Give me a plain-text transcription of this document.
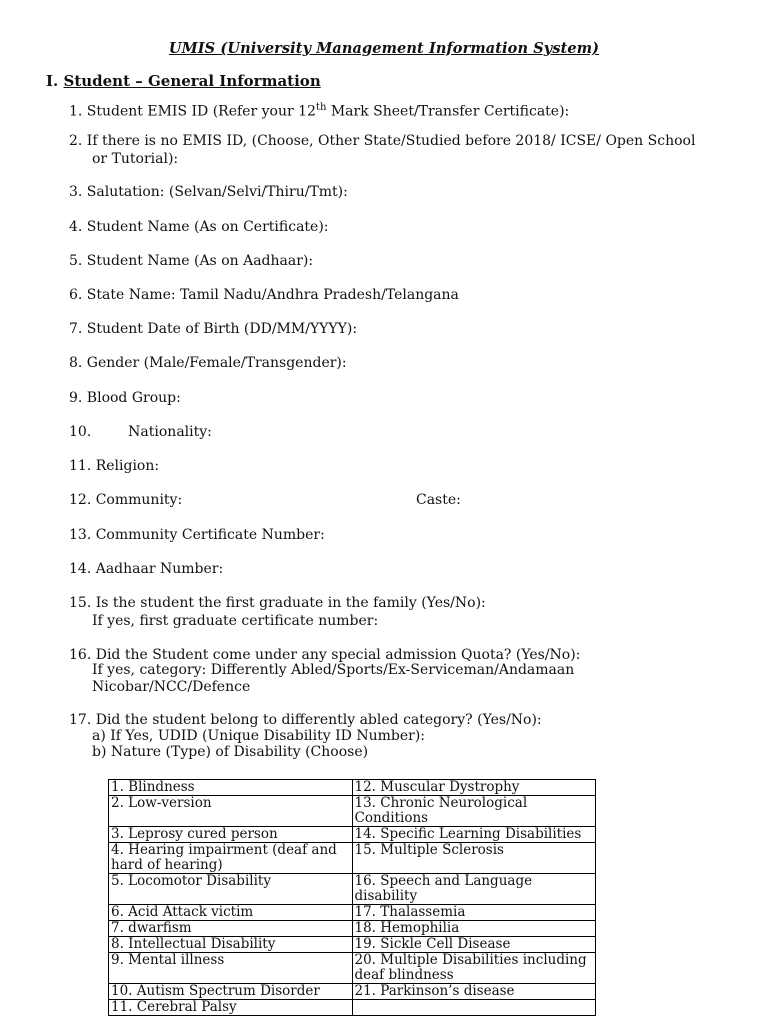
UMIS (University Management Information System)
I. Student – General Information
1. Student EMIS ID (Refer your 12th Mark Sheet/Transfer Certificate):
2. If there is no EMIS ID, (Choose, Other State/Studied before 2018/ ICSE/ Open School
or Tutorial):
3. Salutation: (Selvan/Selvi/Thiru/Tmt):
4. Student Name (As on Certificate):
5. Student Name (As on Aadhaar):
6. State Name: Tamil Nadu/Andhra Pradesh/Telangana
7. Student Date of Birth (DD/MM/YYYY):
8. Gender (Male/Female/Transgender):
9. Blood Group:
10.	Nationality:
11. Religion:
12. Community:	Caste:
13. Community Certificate Number:
14. Aadhaar Number:
15. Is the student the first graduate in the family (Yes/No):
If yes, first graduate certificate number:
16. Did the Student come under any special admission Quota? (Yes/No):
If yes, category: Differently Abled/Sports/Ex-Serviceman/Andamaan
Nicobar/NCC/Defence
17. Did the student belong to differently abled category? (Yes/No):
a) If Yes, UDID (Unique Disability ID Number):
b) Nature (Type) of Disability (Choose)
1. Blindness	12. Muscular Dystrophy
2. Low-version	13. Chronic Neurological Conditions
3. Leprosy cured person	14. Specific Learning Disabilities
4. Hearing impairment (deaf and hard of hearing)	15. Multiple Sclerosis
5. Locomotor Disability	16. Speech and Language disability
6. Acid Attack victim	17. Thalassemia
7. dwarfism	18. Hemophilia
8. Intellectual Disability	19. Sickle Cell Disease
9. Mental illness	20. Multiple Disabilities including deaf blindness
10. Autism Spectrum Disorder	21. Parkinson’s disease
11. Cerebral Palsy	
